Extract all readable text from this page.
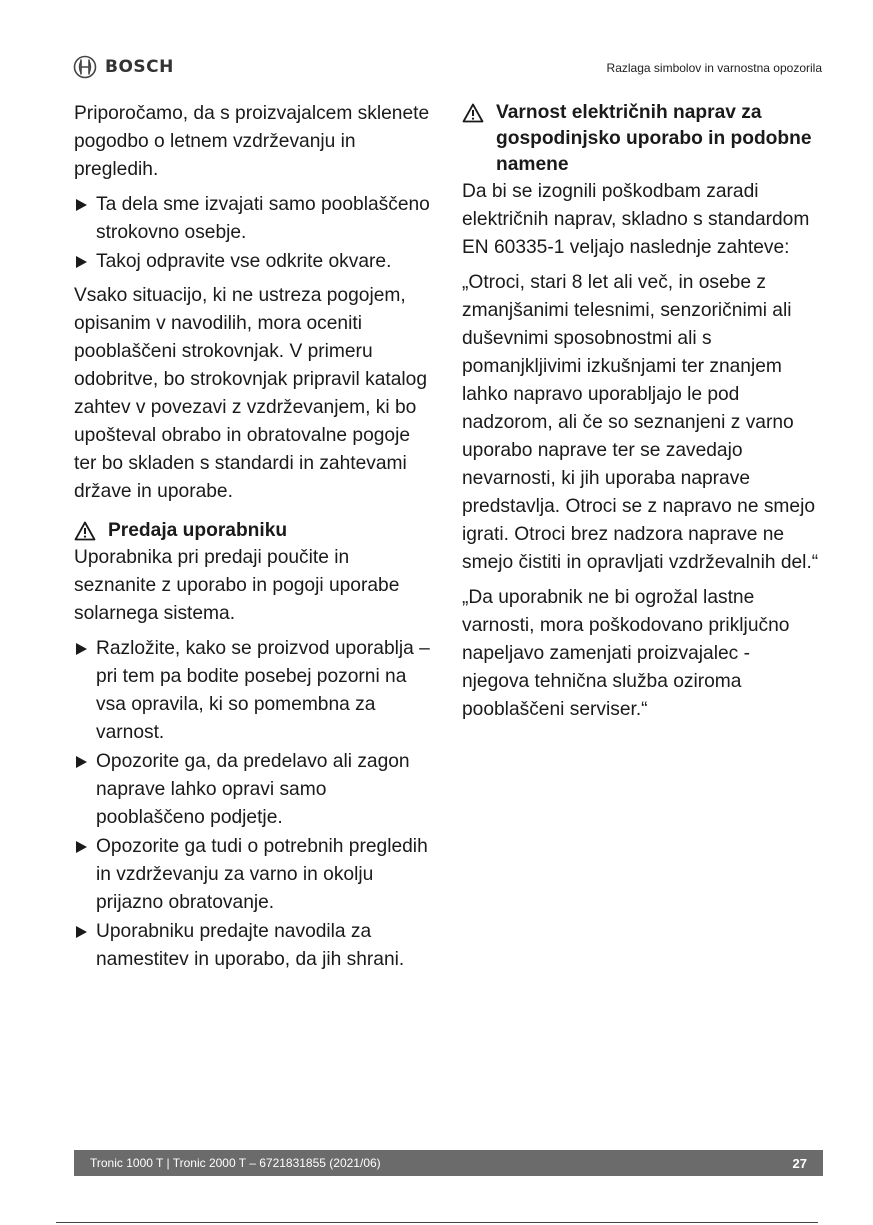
BOSCH	Razlaga simbolov in varnostna opozorila

Priporočamo, da s proizvajalcem sklenete pogodbo o letnem vzdrževanju in pregledih.

Ta dela sme izvajati samo pooblaščeno strokovno osebje.
Takoj odpravite vse odkrite okvare.

Vsako situacijo, ki ne ustreza pogojem, opisanim v navodilih, mora oceniti pooblaščeni strokovnjak. V primeru odobritve, bo strokovnjak pripravil katalog zahtev v povezavi z vzdrževanjem, ki bo upošteval obrabo in obratovalne pogoje ter bo skladen s standardi in zahtevami države in uporabe.

Predaja uporabniku

Uporabnika pri predaji poučite in seznanite z uporabo in pogoji uporabe solarnega sistema.

Razložite, kako se proizvod uporablja – pri tem pa bodite posebej pozorni na vsa opravila, ki so pomembna za varnost.
Opozorite ga, da predelavo ali zagon naprave lahko opravi samo pooblaščeno podjetje.
Opozorite ga tudi o potrebnih pregledih in vzdrževanju za varno in okolju prijazno obratovanje.
Uporabniku predajte navodila za namestitev in uporabo, da jih shrani.
Varnost električnih naprav za gospodinjsko uporabo in podobne namene

Da bi se izognili poškodbam zaradi električnih naprav, skladno s standardom EN 60335-1 veljajo naslednje zahteve:

„Otroci, stari 8 let ali več, in osebe z zmanjšanimi telesnimi, senzoričnimi ali duševnimi sposobnostmi ali s pomanjkljivimi izkušnjami ter znanjem lahko napravo uporabljajo le pod nadzorom, ali če so seznanjeni z varno uporabo naprave ter se zavedajo nevarnosti, ki jih uporaba naprave predstavlja. Otroci se z napravo ne smejo igrati. Otroci brez nadzora naprave ne smejo čistiti in opravljati vzdrževalnih del.“

„Da uporabnik ne bi ogrožal lastne varnosti, mora poškodovano priključno napeljavo zamenjati proizvajalec - njegova tehnična služba oziroma pooblaščeni serviser.“

Tronic 1000 T | Tronic 2000 T – 6721831855 (2021/06)	27
